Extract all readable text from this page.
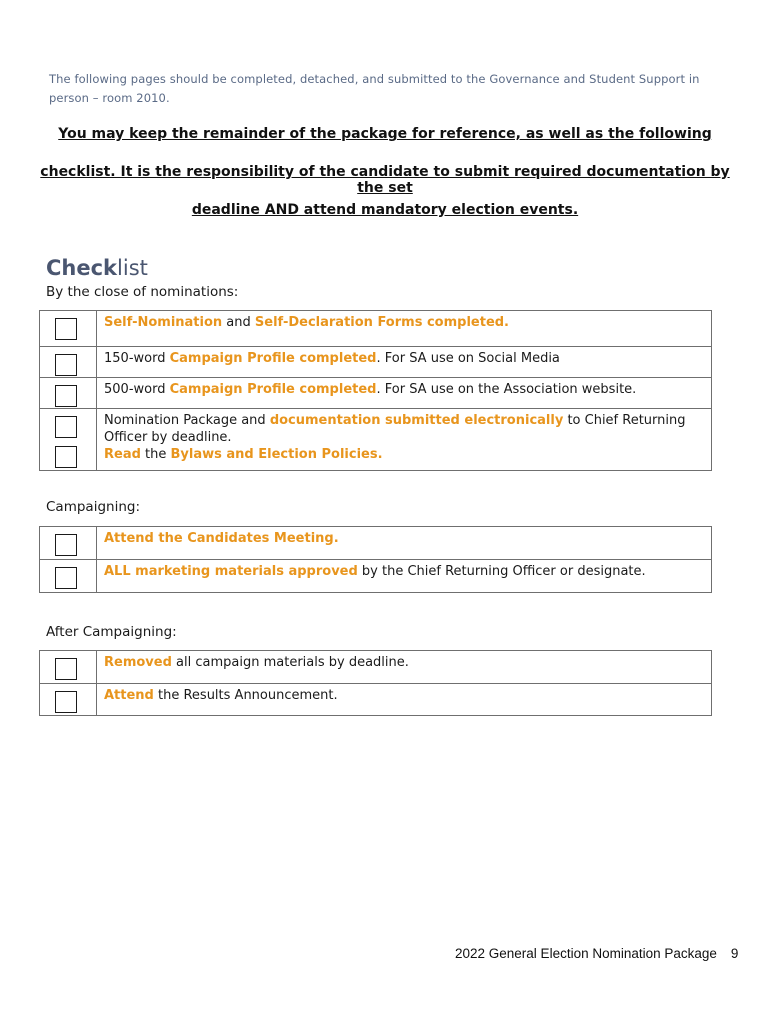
The following pages should be completed, detached, and submitted to the Governance and Student Support in person – room 2010.
You may keep the remainder of the package for reference, as well as the following
checklist. It is the responsibility of the candidate to submit required documentation by the set
deadline AND attend mandatory election events.
Checklist
By the close of nominations:
	Self-Nomination and Self-Declaration Forms completed.

	150-word Campaign Profile completed. For SA use on Social Media

	500-word Campaign Profile completed. For SA use on the Association website.

	Nomination Package and documentation submitted electronically to Chief Returning Officer by deadline.

	Read the Bylaws and Election Policies.
Campaigning:
	Attend the Candidates Meeting.

	ALL marketing materials approved by the Chief Returning Officer or designate.
After Campaigning:
	Removed all campaign materials by deadline.

	Attend the Results Announcement.
2022 General Election Nomination Package 9
